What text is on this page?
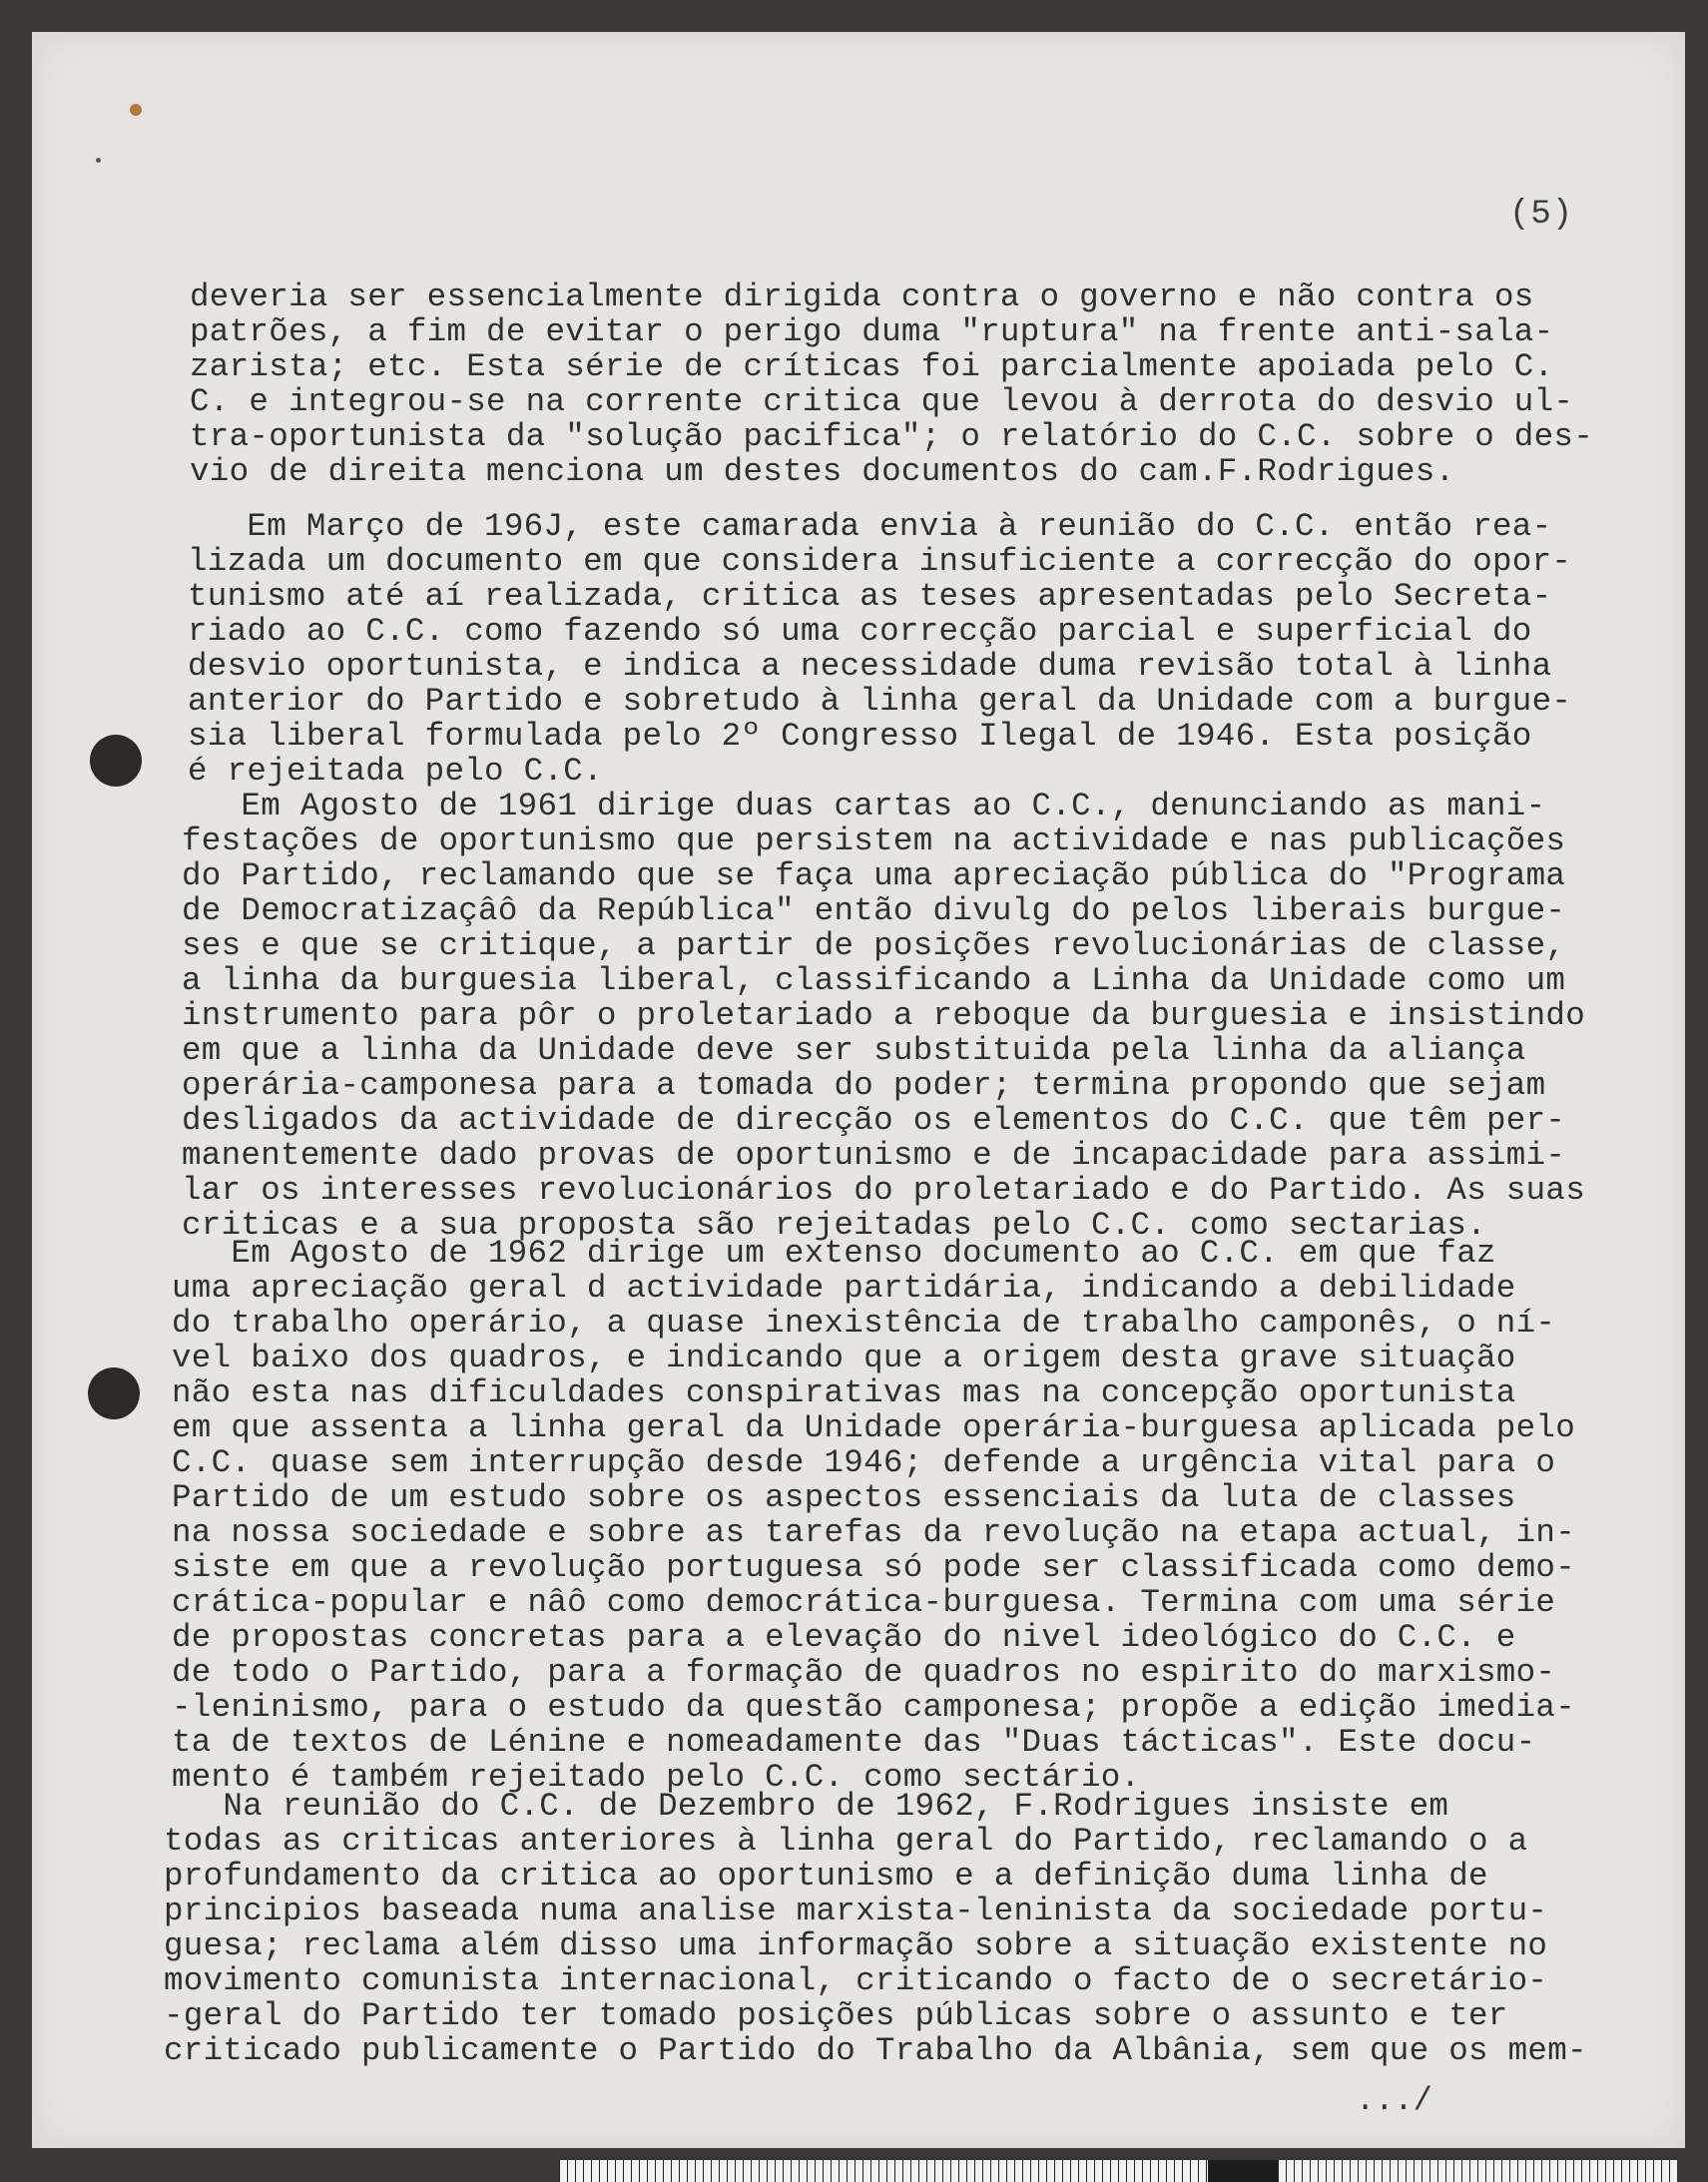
(5)

deveria ser essencialmente dirigida contra o governo e não contra os
patrões, a fim de evitar o perigo duma "ruptura" na frente anti-sala-
zarista; etc. Esta série de críticas foi parcialmente apoiada pelo C.
C. e integrou-se na corrente critica que levou à derrota do desvio ul-
tra-oportunista da "solução pacifica"; o relatório do C.C. sobre o des-
vio de direita menciona um destes documentos do cam.F.Rodrigues.

Em Março de 196J, este camarada envia à reunião do C.C. então rea-
lizada um documento em que considera insuficiente a correcção do opor-
tunismo até aí realizada, critica as teses apresentadas pelo Secreta-
riado ao C.C. como fazendo só uma correcção parcial e superficial do
desvio oportunista, e indica a necessidade duma revisão total à linha
anterior do Partido e sobretudo à linha geral da Unidade com a burgue-
sia liberal formulada pelo 2º Congresso Ilegal de 1946. Esta posição
é rejeitada pelo C.C.

Em Agosto de 1961 dirige duas cartas ao C.C., denunciando as mani-
festações de oportunismo que persistem na actividade e nas publicações
do Partido, reclamando que se faça uma apreciação pública do "Programa
de Democratizaçâô da República" então divulg do pelos liberais burgue-
ses e que se critique, a partir de posições revolucionárias de classe,
a linha da burguesia liberal, classificando a Linha da Unidade como um
instrumento para pôr o proletariado a reboque da burguesia e insistindo
em que a linha da Unidade deve ser substituida pela linha da aliança
operária-camponesa para a tomada do poder; termina propondo que sejam
desligados da actividade de direcção os elementos do C.C. que têm per-
manentemente dado provas de oportunismo e de incapacidade para assimi-
lar os interesses revolucionários do proletariado e do Partido. As suas
criticas e a sua proposta são rejeitadas pelo C.C. como sectarias.

Em Agosto de 1962 dirige um extenso documento ao C.C. em que faz
uma apreciação geral d actividade partidária, indicando a debilidade
do trabalho operário, a quase inexistência de trabalho camponês, o ní-
vel baixo dos quadros, e indicando que a origem desta grave situação
não esta nas dificuldades conspirativas mas na concepção oportunista
em que assenta a linha geral da Unidade operária-burguesa aplicada pelo
C.C. quase sem interrupção desde 1946; defende a urgência vital para o
Partido de um estudo sobre os aspectos essenciais da luta de classes
na nossa sociedade e sobre as tarefas da revolução na etapa actual, in-
siste em que a revolução portuguesa só pode ser classificada como demo-
crática-popular e nâô como democrática-burguesa. Termina com uma série
de propostas concretas para a elevação do nivel ideológico do C.C. e
de todo o Partido, para a formação de quadros no espirito do marxismo-
-leninismo, para o estudo da questão camponesa; propõe a edição imedia-
ta de textos de Lénine e nomeadamente das "Duas tácticas". Este docu-
mento é também rejeitado pelo C.C. como sectário.

Na reunião do C.C. de Dezembro de 1962, F.Rodrigues insiste em
todas as criticas anteriores à linha geral do Partido, reclamando o a
profundamento da critica ao oportunismo e a definição duma linha de
principios baseada numa analise marxista-leninista da sociedade portu-
guesa; reclama além disso uma informação sobre a situação existente no
movimento comunista internacional, criticando o facto de o secretário-
-geral do Partido ter tomado posições públicas sobre o assunto e ter
criticado publicamente o Partido do Trabalho da Albânia, sem que os mem-

.../
